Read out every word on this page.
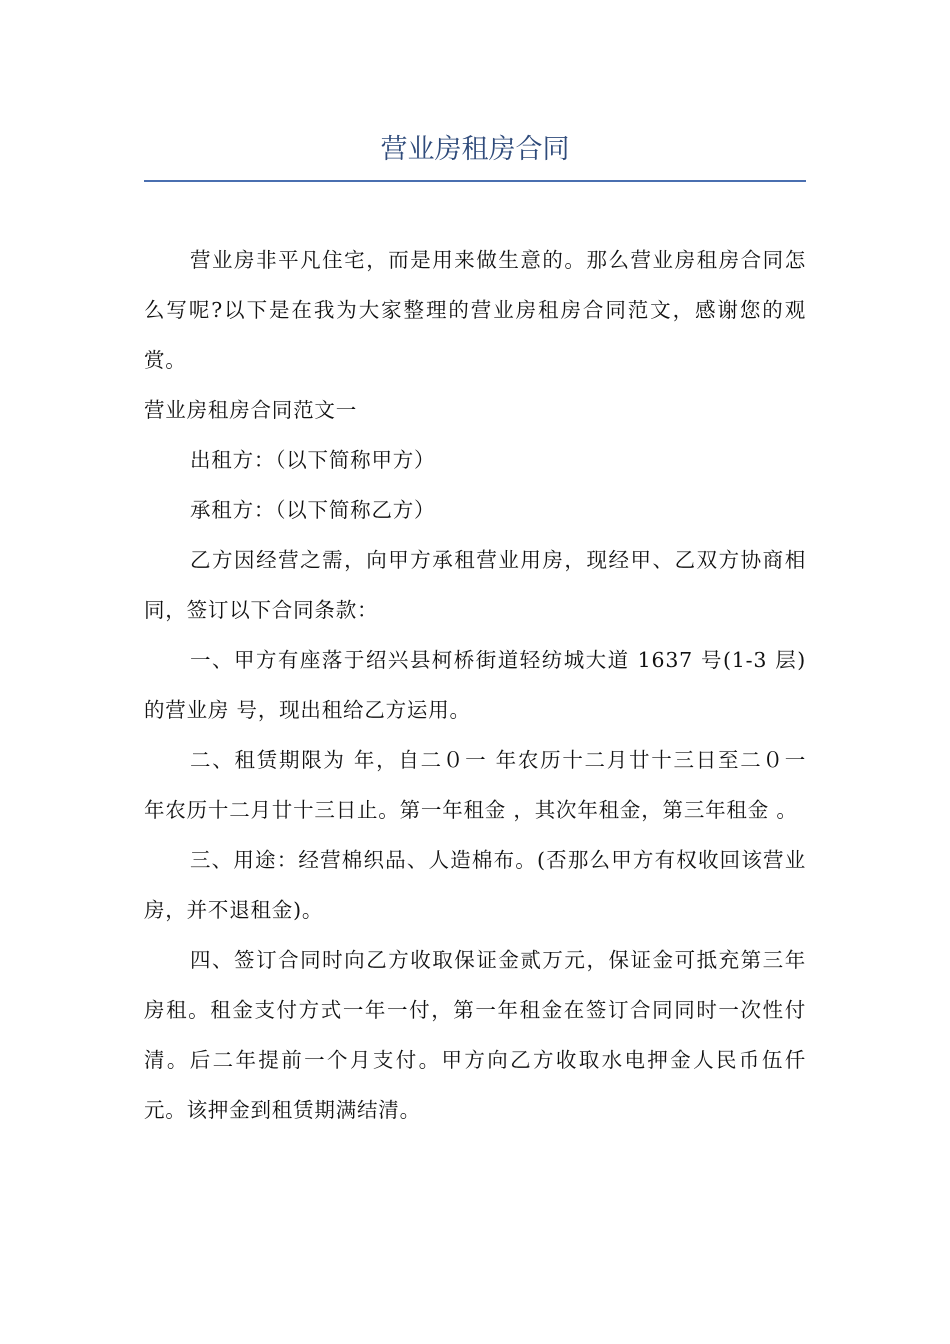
营业房租房合同

营业房非平凡住宅，而是用来做生意的。那么营业房租房合同怎么写呢?以下是在我为大家整理的营业房租房合同范文，感谢您的观赏。

营业房租房合同范文一

出租方：（以下简称甲方）

承租方：（以下简称乙方）

乙方因经营之需，向甲方承租营业用房，现经甲、乙双方协商相同，签订以下合同条款：

一、甲方有座落于绍兴县柯桥街道轻纺城大道 1637 号(1-3 层)的营业房 号，现出租给乙方运用。

二、租赁期限为 年，自二０一 年农历十二月廿十三日至二０一 年农历十二月廿十三日止。第一年租金 ，其次年租金，第三年租金 。

三、用途：经营棉织品、人造棉布。(否那么甲方有权收回该营业房，并不退租金)。

四、签订合同时向乙方收取保证金贰万元，保证金可抵充第三年房租。租金支付方式一年一付，第一年租金在签订合同同时一次性付清。后二年提前一个月支付。甲方向乙方收取水电押金人民币伍仟 元。该押金到租赁期满结清。
